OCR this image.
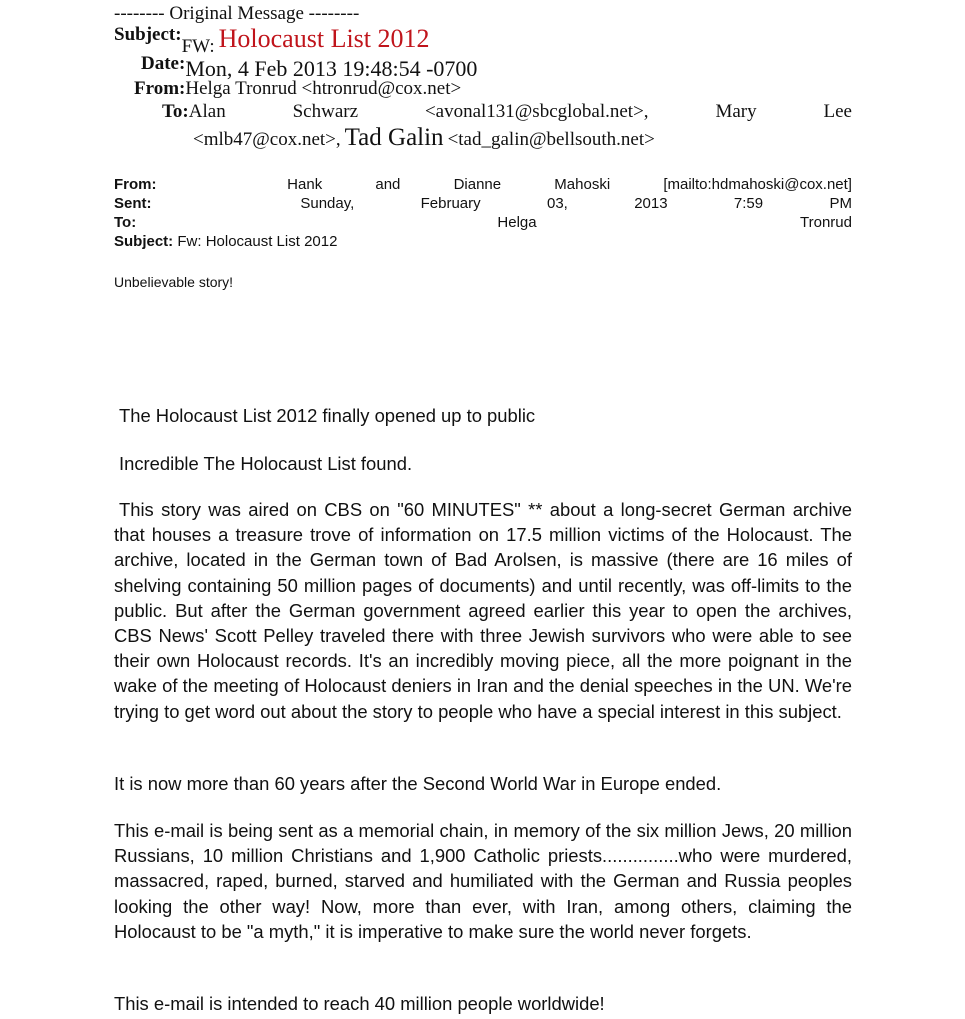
-------- Original Message --------
Subject:FW: Holocaust List 2012
Date:Mon, 4 Feb 2013 19:48:54 -0700
From:Helga Tronrud <htronrud@cox.net>
To:Alan	Schwarz	<avonal131@sbcglobal.net>,	Mary	Lee
<mlb47@cox.net>, Tad Galin <tad_galin@bellsouth.net>
From:	Hank	and	Dianne	Mahoski	[mailto:hdmahoski@cox.net]
Sent:	Sunday,	February	03,	2013	7:59	PM
To:	Helga	Tronrud
Subject: Fw: Holocaust List 2012
Unbelievable story!
The Holocaust List 2012 finally opened up to public
Incredible The Holocaust List found.
This story was aired on CBS on "60 MINUTES" ** about a long-secret German archive that houses a treasure trove of information on 17.5 million victims of the Holocaust. The archive, located in the German town of Bad Arolsen, is massive (there are 16 miles of shelving containing 50 million pages of documents) and until recently, was off-limits to the public. But after the German government agreed earlier this year to open the archives, CBS News' Scott Pelley traveled there with three Jewish survivors who were able to see their own Holocaust records. It's an incredibly moving piece, all the more poignant in the wake of the meeting of Holocaust deniers in Iran and the denial speeches in the UN. We're trying to get word out about the story to people who have a special interest in this subject.
It is now more than 60 years after the Second World War in Europe ended.
This e-mail is being sent as a memorial chain, in memory of the six million Jews, 20 million Russians, 10 million Christians and 1,900 Catholic priests...............who were murdered, massacred, raped, burned, starved and humiliated with the German and Russia peoples looking the other way! Now, more than ever, with Iran, among others, claiming the Holocaust to be "a myth," it is imperative to make sure the world never forgets.
This e-mail is intended to reach 40 million people worldwide!
